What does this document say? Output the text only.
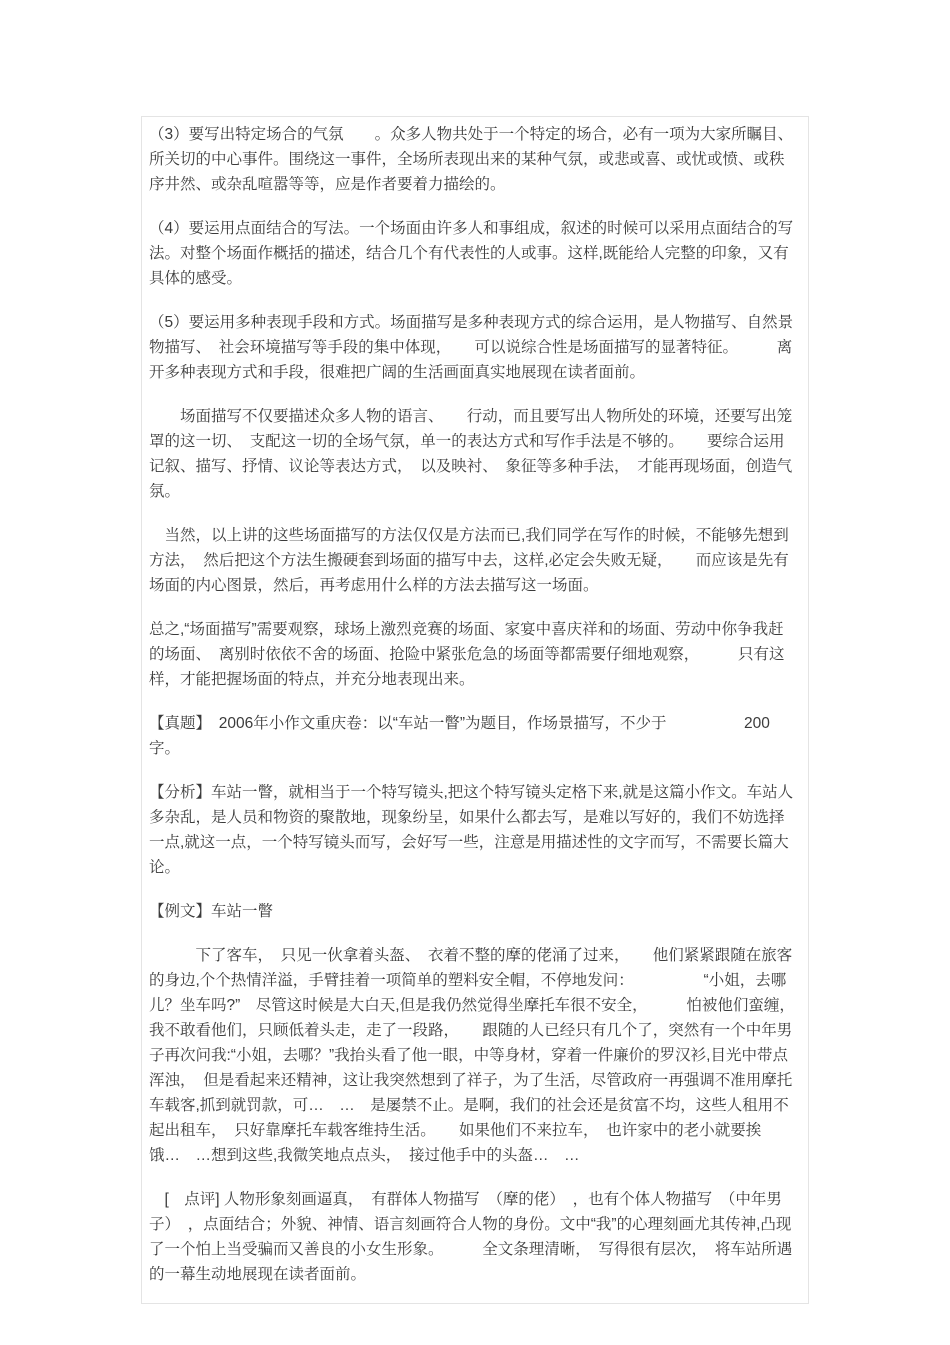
（3）要写出特定场合的气氛　　。众多人物共处于一个特定的场合，必有一项为大家所瞩目、所关切的中心事件。围绕这一事件，全场所表现出来的某种气氛，或悲或喜、或忧或愤、或秩序井然、或杂乱喧嚣等等，应是作者要着力描绘的。

（4）要运用点面结合的写法。一个场面由许多人和事组成，叙述的时候可以采用点面结合的写法。对整个场面作概括的描述，结合几个有代表性的人或事。这样,既能给人完整的印象，又有具体的感受。

（5）要运用多种表现手段和方式。场面描写是多种表现方式的综合运用，是人物描写、自然景物描写、　社会环境描写等手段的集中体现，　　可以说综合性是场面描写的显著特征。　　　离开多种表现方式和手段，很难把广阔的生活画面真实地展现在读者面前。

　　场面描写不仅要描述众多人物的语言、　　行动，而且要写出人物所处的环境，还要写出笼罩的这一切、　支配这一切的全场气氛，单一的表达方式和写作手法是不够的。　　要综合运用记叙、描写、抒情、议论等表达方式，　以及映衬、　象征等多种手法，　才能再现场面，创造气氛。

　当然，以上讲的这些场面描写的方法仅仅是方法而已,我们同学在写作的时候，不能够先想到方法，　然后把这个方法生搬硬套到场面的描写中去，这样,必定会失败无疑，　　而应该是先有场面的内心图景，然后，再考虑用什么样的方法去描写这一场面。

总之,“场面描写”需要观察，球场上激烈竞赛的场面、家宴中喜庆祥和的场面、劳动中你争我赶的场面、　离别时依依不舍的场面、抢险中紧张危急的场面等都需要仔细地观察，　　　只有这样，才能把握场面的特点，并充分地表现出来。

【真题】　2006年小作文重庆卷：以“车站一瞥”为题目，作场景描写，不少于　　　　　200字。

【分析】车站一瞥，就相当于一个特写镜头,把这个特写镜头定格下来,就是这篇小作文。车站人多杂乱，是人员和物资的聚散地，现象纷呈，如果什么都去写，是难以写好的，我们不妨选择一点,就这一点，一个特写镜头而写，会好写一些，注意是用描述性的文字而写，不需要长篇大论。

【例文】车站一瞥

　　　下了客车，　只见一伙拿着头盔、　衣着不整的摩的佬涌了过来，　　他们紧紧跟随在旅客的身边,个个热情洋溢，手臂挂着一项简单的塑料安全帽，不停地发问：　　　　　“小姐，去哪儿？坐车吗?”　尽管这时候是大白天,但是我仍然觉得坐摩托车很不安全，　　　怕被他们蛮缠，　我不敢看他们，只顾低着头走，走了一段路，　　跟随的人已经只有几个了，突然有一个中年男子再次问我:“小姐，去哪？”我抬头看了他一眼，中等身材，穿着一件廉价的罗汉衫,目光中带点浑浊，　但是看起来还精神，这让我突然想到了祥子，为了生活，尽管政府一再强调不准用摩托车载客,抓到就罚款，可…　…　是屡禁不止。是啊，我们的社会还是贫富不均，这些人租用不起出租车，　只好靠摩托车载客维持生活。　　如果他们不来拉车，　也许家中的老小就要挨饿…　…想到这些,我微笑地点点头，　接过他手中的头盔…　…

　[　点评] 人物形象刻画逼真，　有群体人物描写　（摩的佬）　，也有个体人物描写　（中年男子）　，点面结合；外貌、神情、语言刻画符合人物的身份。文中“我”的心理刻画尤其传神,凸现了一个怕上当受骗而又善良的小女生形象。　　　全文条理清晰，　写得很有层次，　将车站所遇的一幕生动地展现在读者面前。
